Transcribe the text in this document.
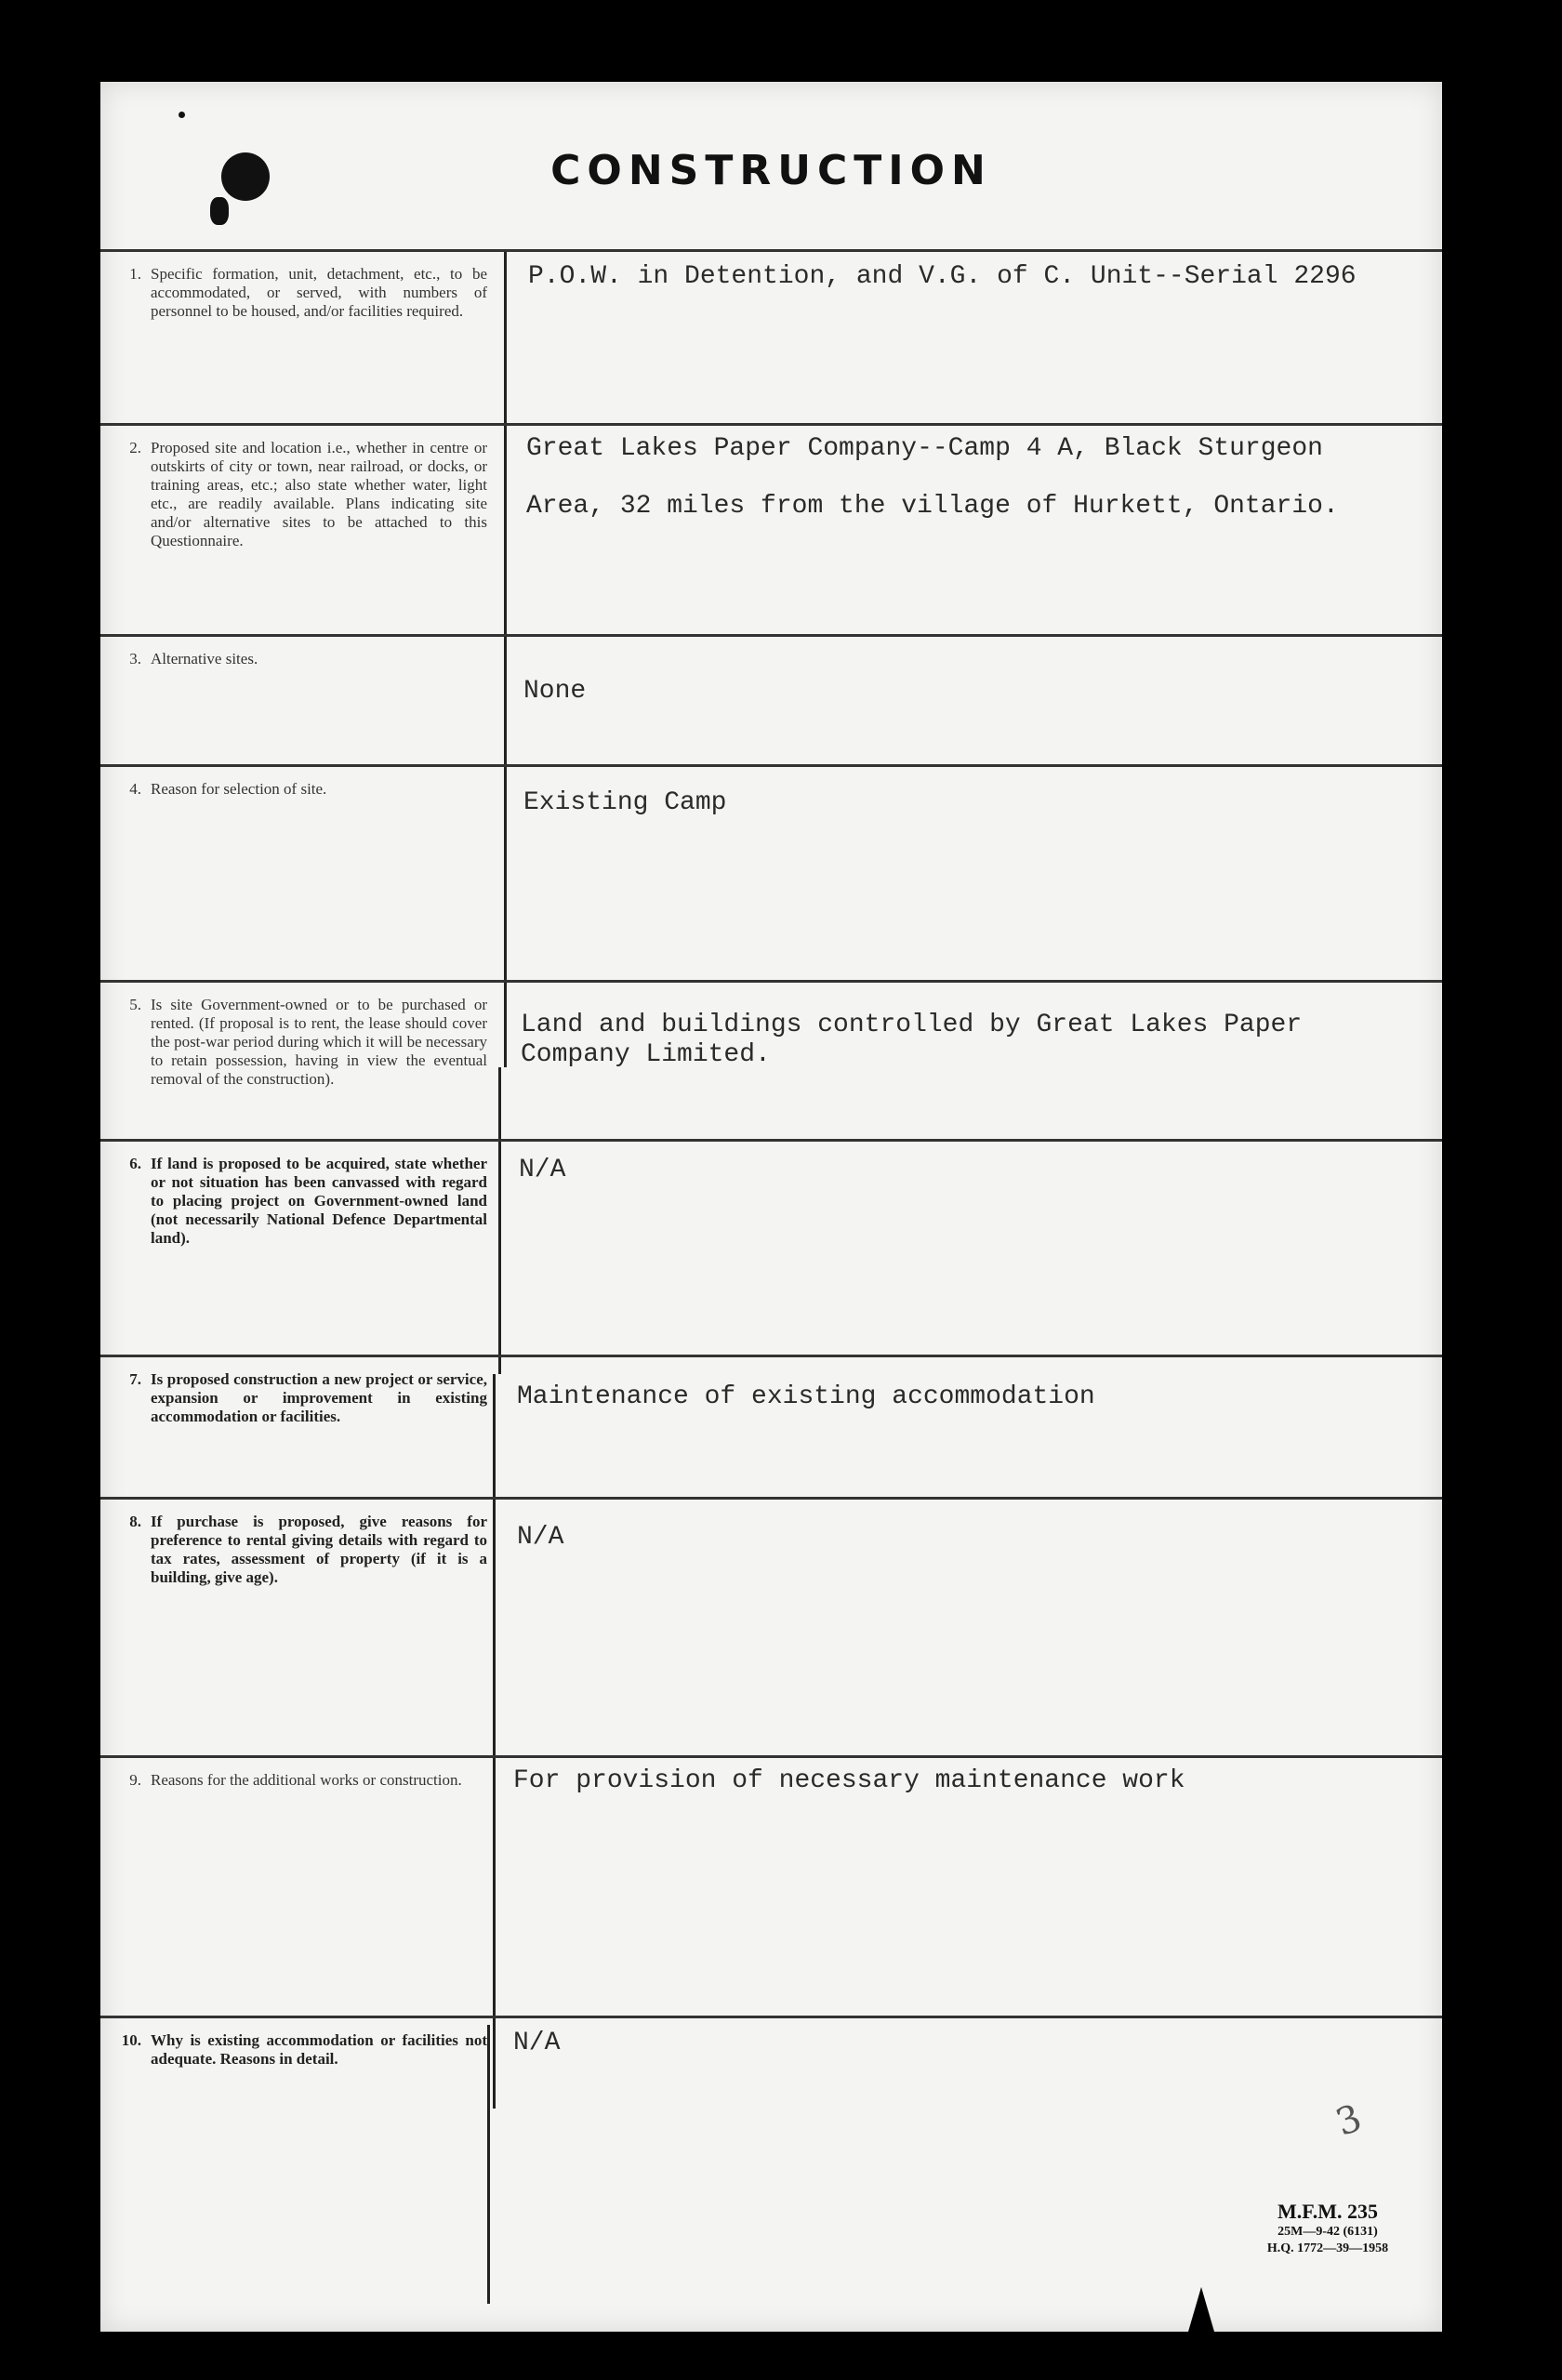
CONSTRUCTION
1. Specific formation, unit, detachment, etc., to be accommodated, or served, with numbers of personnel to be housed, and/or facilities required.
P.O.W. in Detention, and V.G. of C. Unit--Serial 2296
2. Proposed site and location i.e., whether in centre or outskirts of city or town, near railroad, or docks, or training areas, etc.; also state whether water, light etc., are readily available. Plans indicating site and/or alternative sites to be attached to this Questionnaire.
Great Lakes Paper Company--Camp 4 A, Black Sturgeon
Area, 32 miles from the village of Hurkett, Ontario.
3. Alternative sites.
None
4. Reason for selection of site.	Existing Camp
5. Is site Government-owned or to be purchased or rented. (If proposal is to rent, the lease should cover the post-war period during which it will be necessary to retain possession, having in view the eventual removal of the construction).
Land and buildings controlled by Great Lakes Paper
Company Limited.
6. If land is proposed to be acquired, state whether or not situation has been canvassed with regard to placing project on Government-owned land (not necessarily National Defence Departmental land).
N/A
7. Is proposed construction a new project or service, expansion or improvement in existing accommodation or facilities.
Maintenance of existing accommodation
8. If purchase is proposed, give reasons for preference to rental giving details with regard to tax rates, assessment of property (if it is a building, give age).
N/A
9. Reasons for the additional works or construction.	For provision of necessary maintenance work
10. Why is existing accommodation or facilities not adequate. Reasons in detail.
N/A
3
M.F.M. 235
25M—9-42 (6131)
H.Q. 1772—39—1958
